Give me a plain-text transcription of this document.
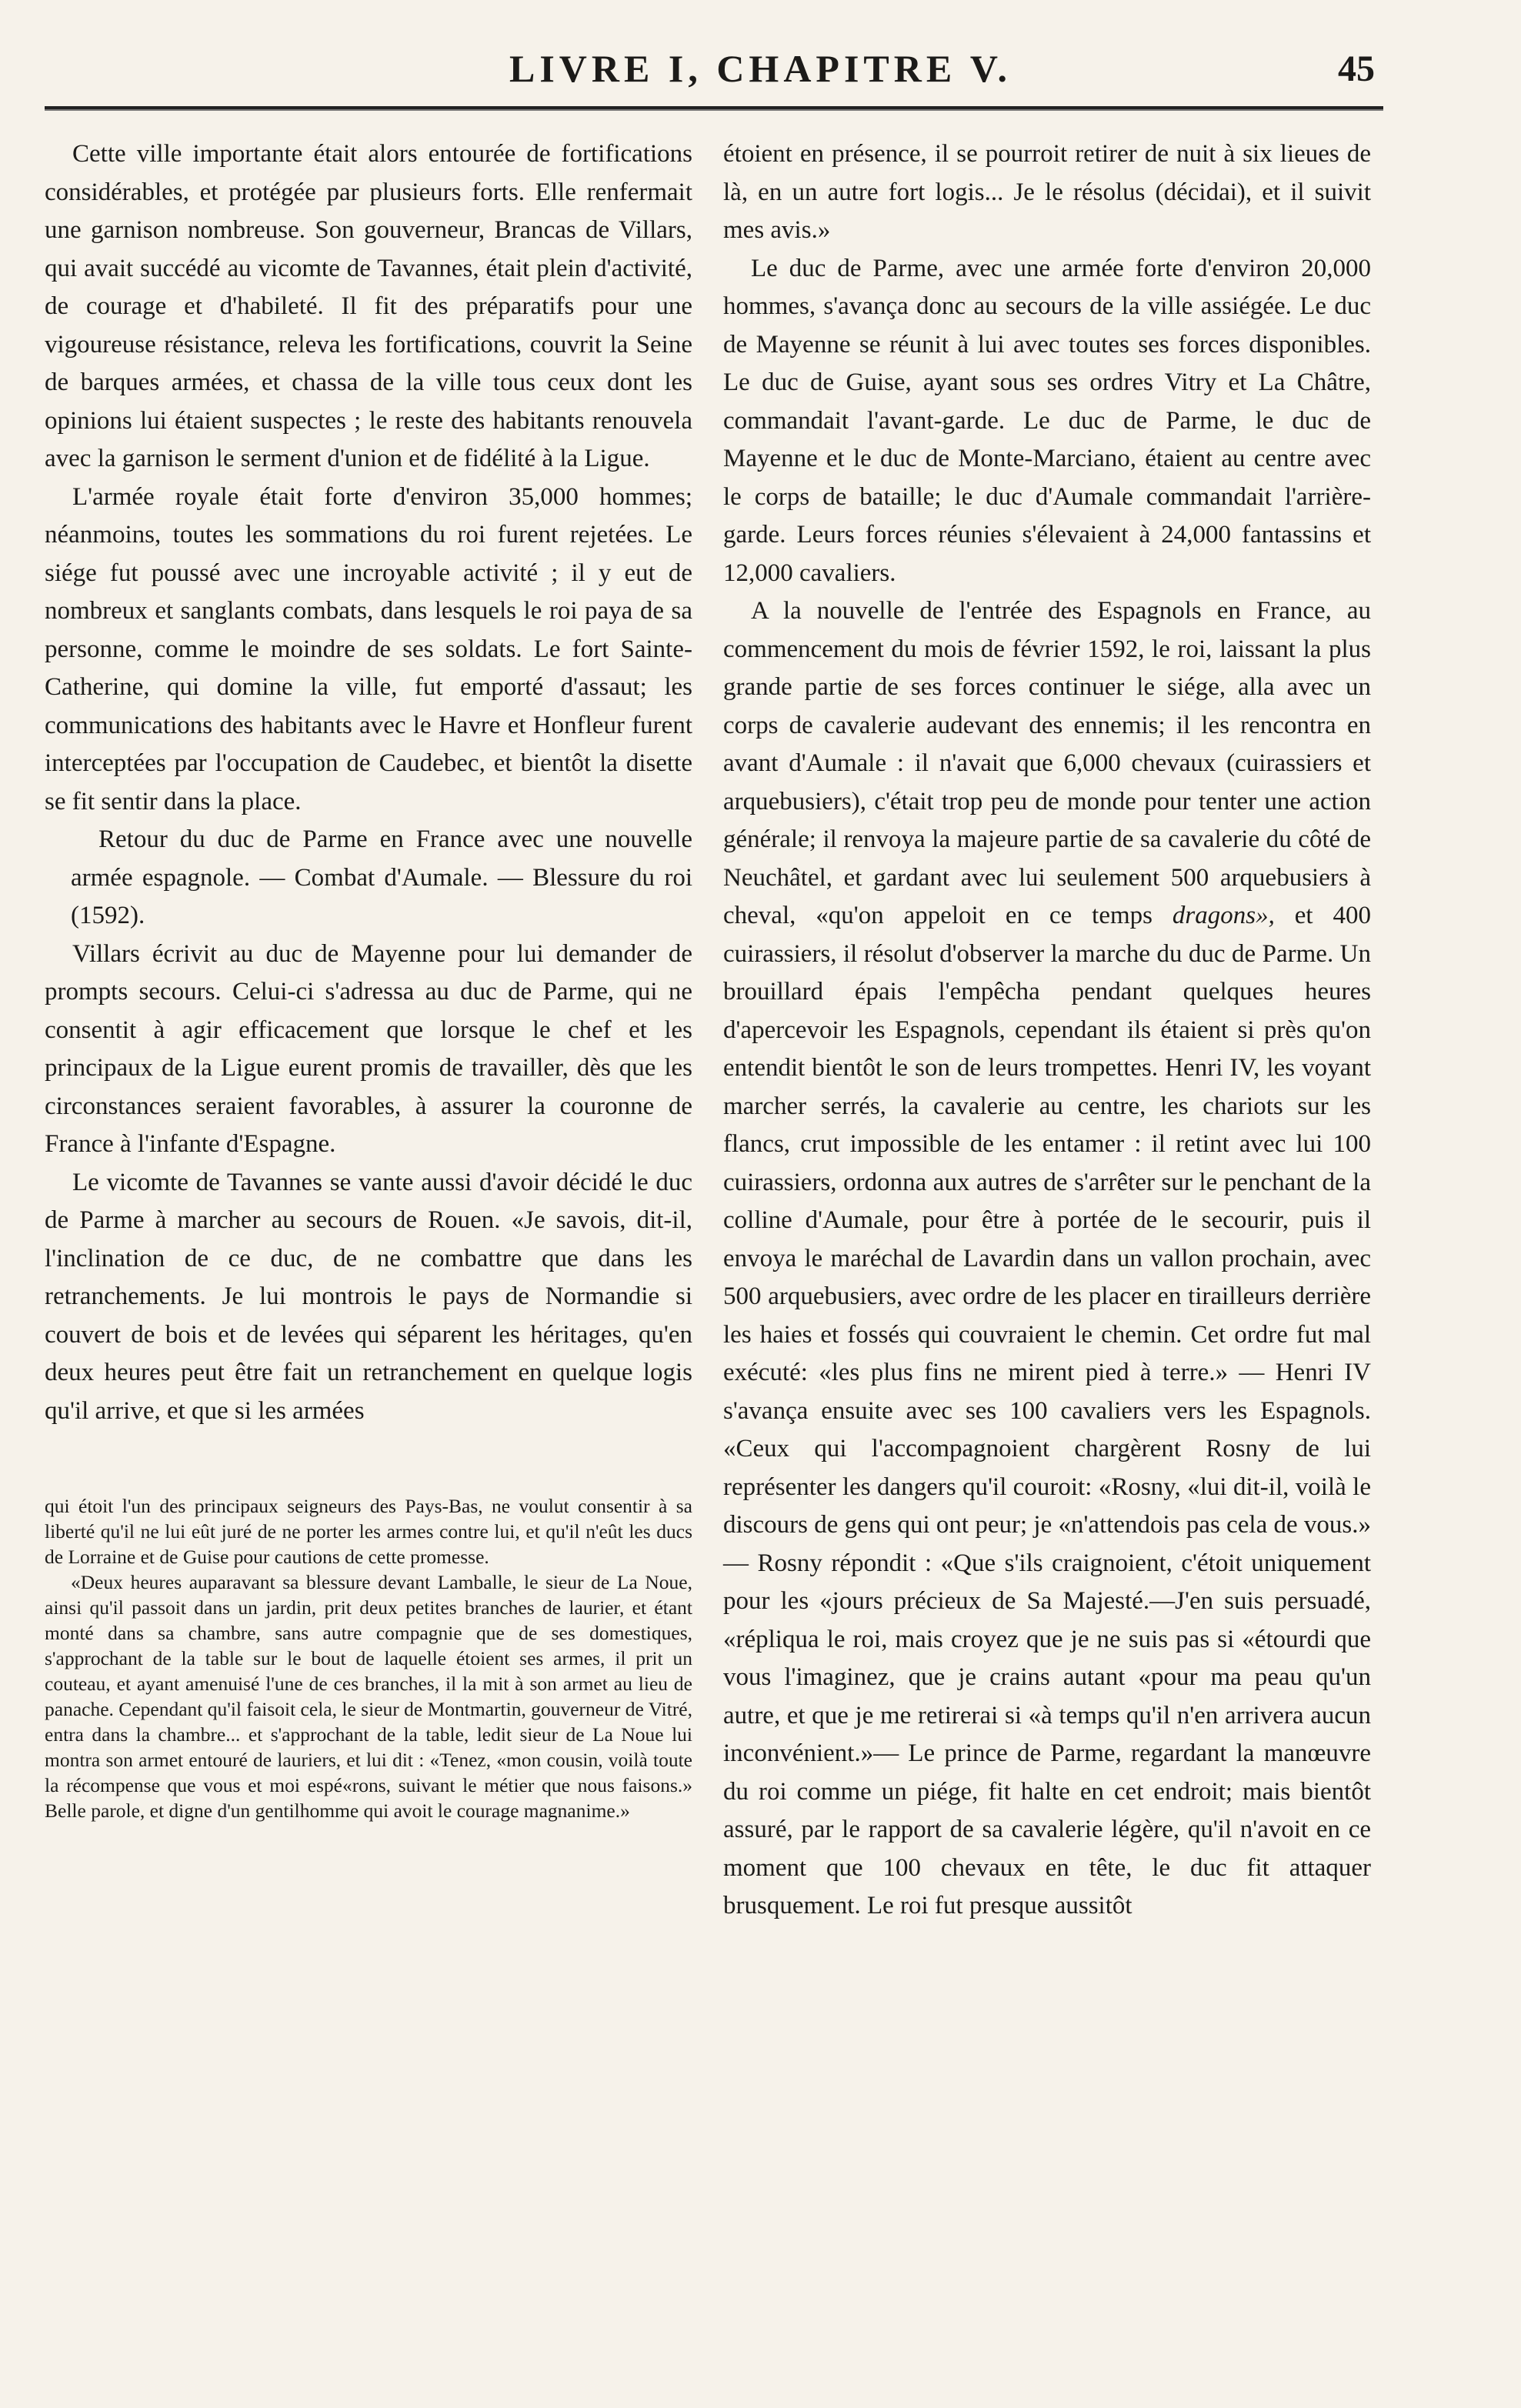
LIVRE I, CHAPITRE V.	45

Cette ville importante était alors entourée de fortifications considérables, et protégée par plusieurs forts. Elle renfermait une garnison nombreuse. Son gouverneur, Brancas de Villars, qui avait succédé au vicomte de Tavannes, était plein d'activité, de courage et d'habileté. Il fit des préparatifs pour une vigoureuse résistance, releva les fortifications, couvrit la Seine de barques armées, et chassa de la ville tous ceux dont les opinions lui étaient suspectes ; le reste des habitants renouvela avec la garnison le serment d'union et de fidélité à la Ligue.

L'armée royale était forte d'environ 35,000 hommes; néanmoins, toutes les sommations du roi furent rejetées. Le siége fut poussé avec une incroyable activité ; il y eut de nombreux et sanglants combats, dans lesquels le roi paya de sa personne, comme le moindre de ses soldats. Le fort Sainte-Catherine, qui domine la ville, fut emporté d'assaut; les communications des habitants avec le Havre et Honfleur furent interceptées par l'occupation de Caudebec, et bientôt la disette se fit sentir dans la place.

Retour du duc de Parme en France avec une nouvelle armée espagnole. — Combat d'Aumale. — Blessure du roi (1592).

Villars écrivit au duc de Mayenne pour lui demander de prompts secours. Celui-ci s'adressa au duc de Parme, qui ne consentit à agir efficacement que lorsque le chef et les principaux de la Ligue eurent promis de travailler, dès que les circonstances seraient favorables, à assurer la couronne de France à l'infante d'Espagne.

Le vicomte de Tavannes se vante aussi d'avoir décidé le duc de Parme à marcher au secours de Rouen. «Je savois, dit-il, l'inclination de ce duc, de ne combattre que dans les retranchements. Je lui montrois le pays de Normandie si couvert de bois et de levées qui séparent les héritages, qu'en deux heures peut être fait un retranchement en quelque logis qu'il arrive, et que si les armées

qui étoit l'un des principaux seigneurs des Pays-Bas, ne voulut consentir à sa liberté qu'il ne lui eût juré de ne porter les armes contre lui, et qu'il n'eût les ducs de Lorraine et de Guise pour cautions de cette promesse.

«Deux heures auparavant sa blessure devant Lamballe, le sieur de La Noue, ainsi qu'il passoit dans un jardin, prit deux petites branches de laurier, et étant monté dans sa chambre, sans autre compagnie que de ses domestiques, s'approchant de la table sur le bout de laquelle étoient ses armes, il prit un couteau, et ayant amenuisé l'une de ces branches, il la mit à son armet au lieu de panache. Cependant qu'il faisoit cela, le sieur de Montmartin, gouverneur de Vitré, entra dans la chambre... et s'approchant de la table, ledit sieur de La Noue lui montra son armet entouré de lauriers, et lui dit : «Tenez, «mon cousin, voilà toute la récompense que vous et moi espé«rons, suivant le métier que nous faisons.» Belle parole, et digne d'un gentilhomme qui avoit le courage magnanime.»

étoient en présence, il se pourroit retirer de nuit à six lieues de là, en un autre fort logis... Je le résolus (décidai), et il suivit mes avis.»

Le duc de Parme, avec une armée forte d'environ 20,000 hommes, s'avança donc au secours de la ville assiégée. Le duc de Mayenne se réunit à lui avec toutes ses forces disponibles. Le duc de Guise, ayant sous ses ordres Vitry et La Châtre, commandait l'avant-garde. Le duc de Parme, le duc de Mayenne et le duc de Monte-Marciano, étaient au centre avec le corps de bataille; le duc d'Aumale commandait l'arrière-garde. Leurs forces réunies s'élevaient à 24,000 fantassins et 12,000 cavaliers.

A la nouvelle de l'entrée des Espagnols en France, au commencement du mois de février 1592, le roi, laissant la plus grande partie de ses forces continuer le siége, alla avec un corps de cavalerie audevant des ennemis; il les rencontra en avant d'Aumale : il n'avait que 6,000 chevaux (cuirassiers et arquebusiers), c'était trop peu de monde pour tenter une action générale; il renvoya la majeure partie de sa cavalerie du côté de Neuchâtel, et gardant avec lui seulement 500 arquebusiers à cheval, «qu'on appeloit en ce temps dragons», et 400 cuirassiers, il résolut d'observer la marche du duc de Parme. Un brouillard épais l'empêcha pendant quelques heures d'apercevoir les Espagnols, cependant ils étaient si près qu'on entendit bientôt le son de leurs trompettes. Henri IV, les voyant marcher serrés, la cavalerie au centre, les chariots sur les flancs, crut impossible de les entamer : il retint avec lui 100 cuirassiers, ordonna aux autres de s'arrêter sur le penchant de la colline d'Aumale, pour être à portée de le secourir, puis il envoya le maréchal de Lavardin dans un vallon prochain, avec 500 arquebusiers, avec ordre de les placer en tirailleurs derrière les haies et fossés qui couvraient le chemin. Cet ordre fut mal exécuté: «les plus fins ne mirent pied à terre.» — Henri IV s'avança ensuite avec ses 100 cavaliers vers les Espagnols. «Ceux qui l'accompagnoient chargèrent Rosny de lui représenter les dangers qu'il couroit: «Rosny, «lui dit-il, voilà le discours de gens qui ont peur; je «n'attendois pas cela de vous.» — Rosny répondit : «Que s'ils craignoient, c'étoit uniquement pour les «jours précieux de Sa Majesté.—J'en suis persuadé, «répliqua le roi, mais croyez que je ne suis pas si «étourdi que vous l'imaginez, que je crains autant «pour ma peau qu'un autre, et que je me retirerai si «à temps qu'il n'en arrivera aucun inconvénient.»— Le prince de Parme, regardant la manœuvre du roi comme un piége, fit halte en cet endroit; mais bientôt assuré, par le rapport de sa cavalerie légère, qu'il n'avoit en ce moment que 100 chevaux en tête, le duc fit attaquer brusquement. Le roi fut presque aussitôt
